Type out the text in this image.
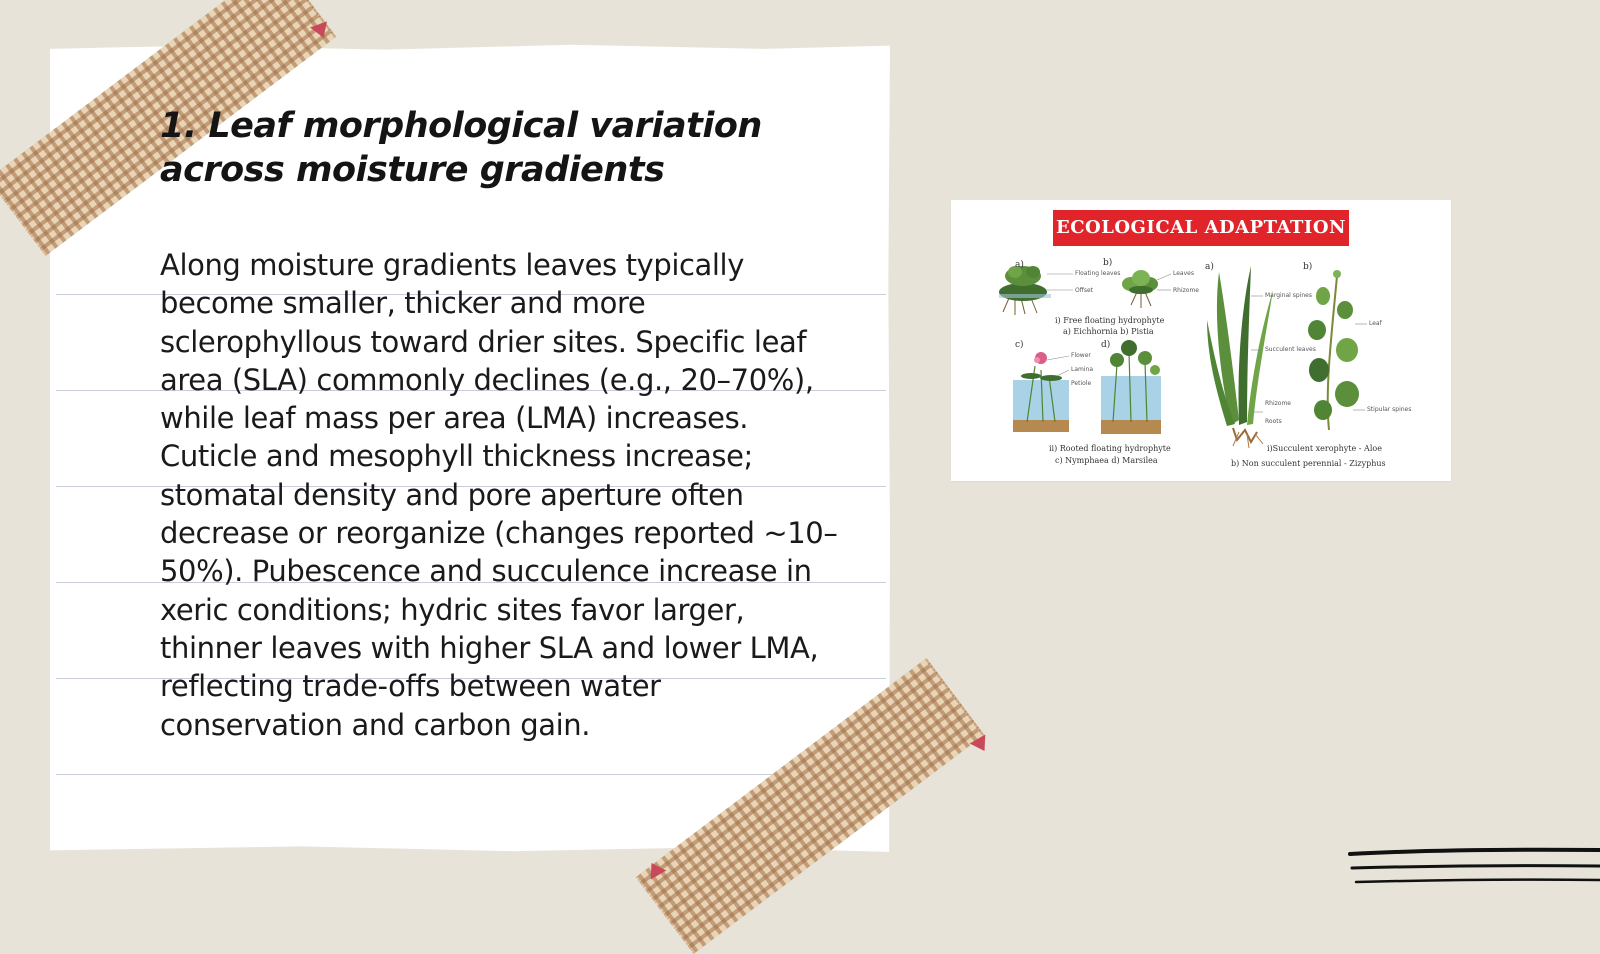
1. Leaf morphological variation across moisture gradients

Along moisture gradients leaves typically become smaller, thicker and more sclerophyllous toward drier sites. Specific leaf area (SLA) commonly declines (e.g., 20–70%), while leaf mass per area (LMA) increases. Cuticle and mesophyll thickness increase; stomatal density and pore aperture often decrease or reorganize (changes reported ~10–50%). Pubescence and succulence increase in xeric conditions; hydric sites favor larger, thinner leaves with higher SLA and lower LMA, reflecting trade-offs between water conservation and carbon gain.

ECOLOGICAL ADAPTATION
a)	b)
c)	d)
a)	b)
Floating leaves
Offset
Leaves
Rhizome
Flower
Lamina
Petiole
Marginal spines
Succulent leaves
Rhizome
Roots
Leaf
Stipular spines
i) Free floating hydrophyte
a) Eichhornia b) Pistia
ii) Rooted floating hydrophyte
c) Nymphaea d) Marsilea
i)Succulent xerophyte - Aloe
b) Non succulent perennial - Zizyphus
